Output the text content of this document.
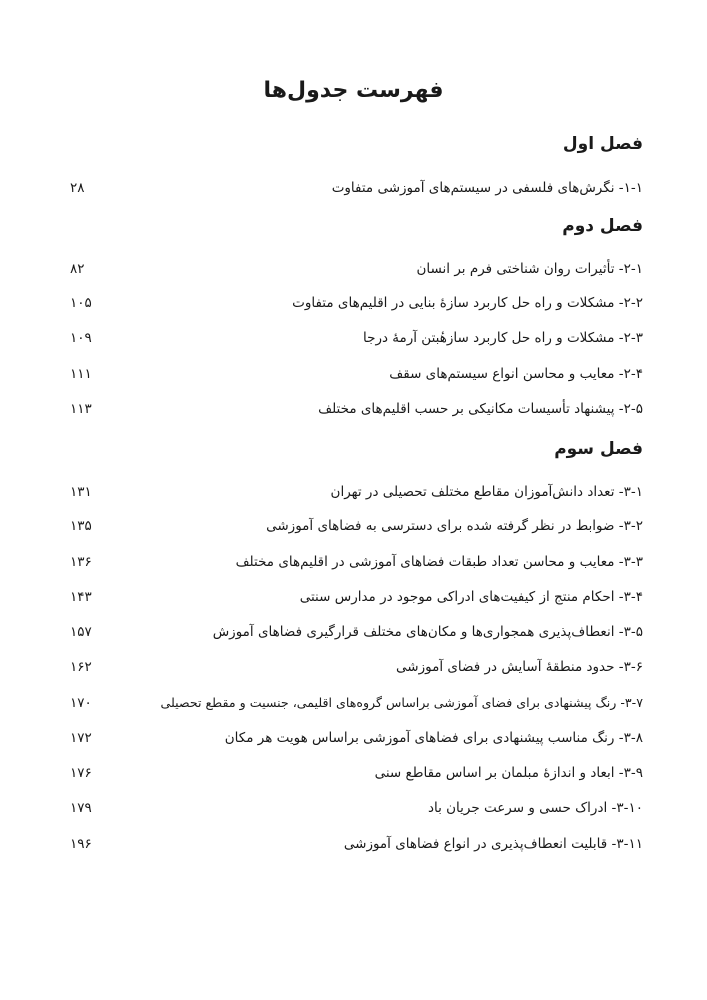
فهرست جدول‌ها
فصل اول
۱-۱- نگرش‌های فلسفی در سیستم‌های آموزشی متفاوت
۲۸
فصل دوم
۲-۱- تأثیرات روان شناختی فرم بر انسان
۸۲
۲-۲- مشکلات و راه حل کاربرد سازهٔ بنایی در اقلیم‌های متفاوت
۱۰۵
۲-۳- مشکلات و راه حل کاربرد سازهٔبتن آرمهٔ درجا
۱۰۹
۲-۴- معایب و محاسن انواع سیستم‌های سقف
۱۱۱
۲-۵- پیشنهاد تأسیسات مکانیکی بر حسب اقلیم‌های مختلف
۱۱۳
فصل سوم
۳-۱- تعداد دانش‌آموزان مقاطع مختلف تحصیلی در تهران
۱۳۱
۳-۲- ضوابط در نظر گرفته شده برای دسترسی به فضاهای آموزشی
۱۳۵
۳-۳- معایب و محاسن تعداد طبقات فضاهای آموزشی در اقلیم‌های مختلف
۱۳۶
۳-۴- احکام منتج از کیفیت‌های ادراکی موجود در مدارس سنتی
۱۴۳
۳-۵- انعطاف‌پذیری همجواری‌ها و مکان‌های مختلف قرارگیری فضاهای آموزش
۱۵۷
۳-۶- حدود منطقهٔ آسایش در فضای آموزشی
۱۶۲
۳-۷- رنگ پیشنهادی برای فضای آموزشی براساس گروه‌های اقلیمی، جنسیت و مقطع تحصیلی
۱۷۰
۳-۸- رنگ مناسب پیشنهادی برای فضاهای آموزشی براساس هویت هر مکان
۱۷۲
۳-۹- ابعاد و اندازهٔ مبلمان بر اساس مقاطع سنی
۱۷۶
۳-۱۰- ادراک حسی و سرعت جریان باد
۱۷۹
۳-۱۱- قابلیت انعطاف‌پذیری در انواع فضاهای آموزشی
۱۹۶
